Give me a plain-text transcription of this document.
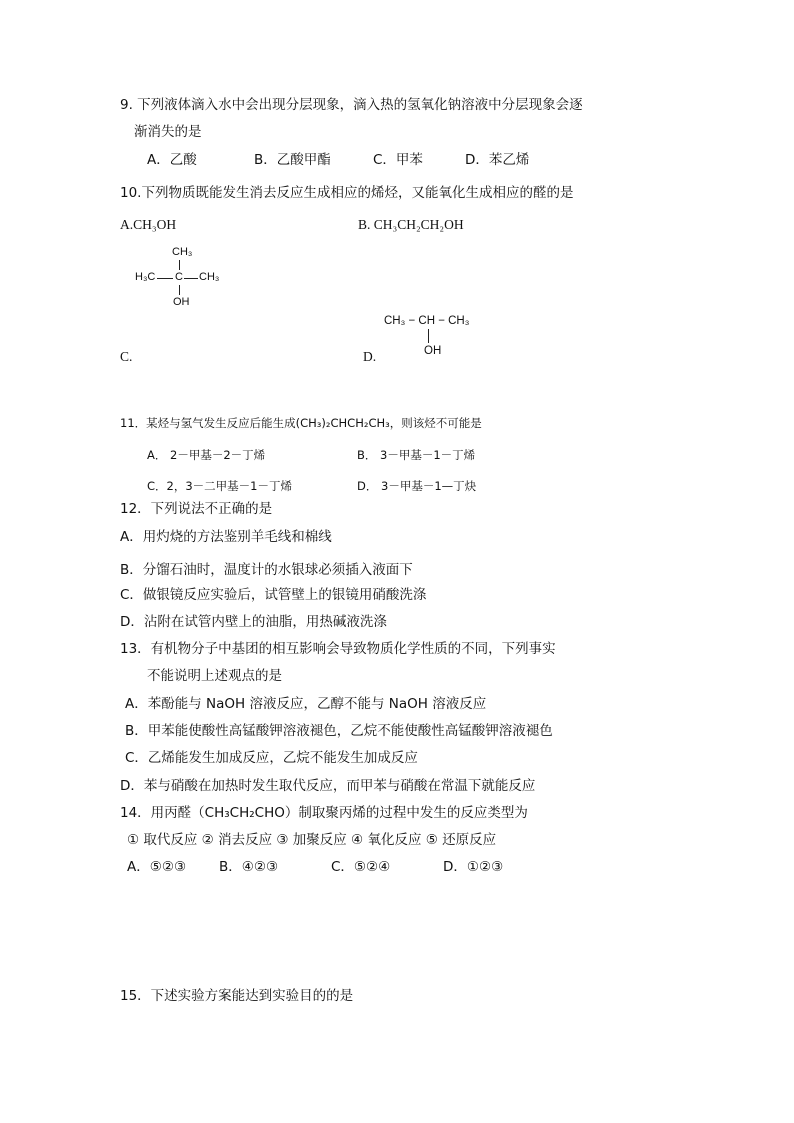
9. 下列液体滴入水中会出现分层现象，滴入热的氢氧化钠溶液中分层现象会逐
渐消失的是
A．乙酸	B．乙酸甲酯	C．甲苯	D．苯乙烯
10.下列物质既能发生消去反应生成相应的烯烃，又能氧化生成相应的醛的是
A.CH₃OH	B. CH₃CH₂CH₂OH
CH₃
H₃C C CH₃
OH
CH₃ − CH − CH₃
OH
C.	D.
11．某烃与氢气发生反应后能生成(CH₃)₂CHCH₂CH₃，则该烃不可能是
A． 2－甲基－2－丁烯	B． 3－甲基－1－丁烯
C．2，3－二甲基－1－丁烯	D． 3－甲基－1—丁炔
12．下列说法不正确的是
A．用灼烧的方法鉴别羊毛线和棉线
B．分馏石油时，温度计的水银球必须插入液面下
C．做银镜反应实验后，试管壁上的银镜用硝酸洗涤
D．沾附在试管内壁上的油脂，用热碱液洗涤
13．有机物分子中基团的相互影响会导致物质化学性质的不同，下列事实
不能说明上述观点的是
A．苯酚能与 NaOH 溶液反应，乙醇不能与 NaOH 溶液反应
B．甲苯能使酸性高锰酸钾溶液褪色，乙烷不能使酸性高锰酸钾溶液褪色
C．乙烯能发生加成反应，乙烷不能发生加成反应
D．苯与硝酸在加热时发生取代反应，而甲苯与硝酸在常温下就能反应
14．用丙醛（CH₃CH₂CHO）制取聚丙烯的过程中发生的反应类型为
① 取代反应 ② 消去反应 ③ 加聚反应 ④ 氧化反应 ⑤ 还原反应
A．⑤②③ B．④②③	C．⑤②④	D．①②③
15．下述实验方案能达到实验目的的是
